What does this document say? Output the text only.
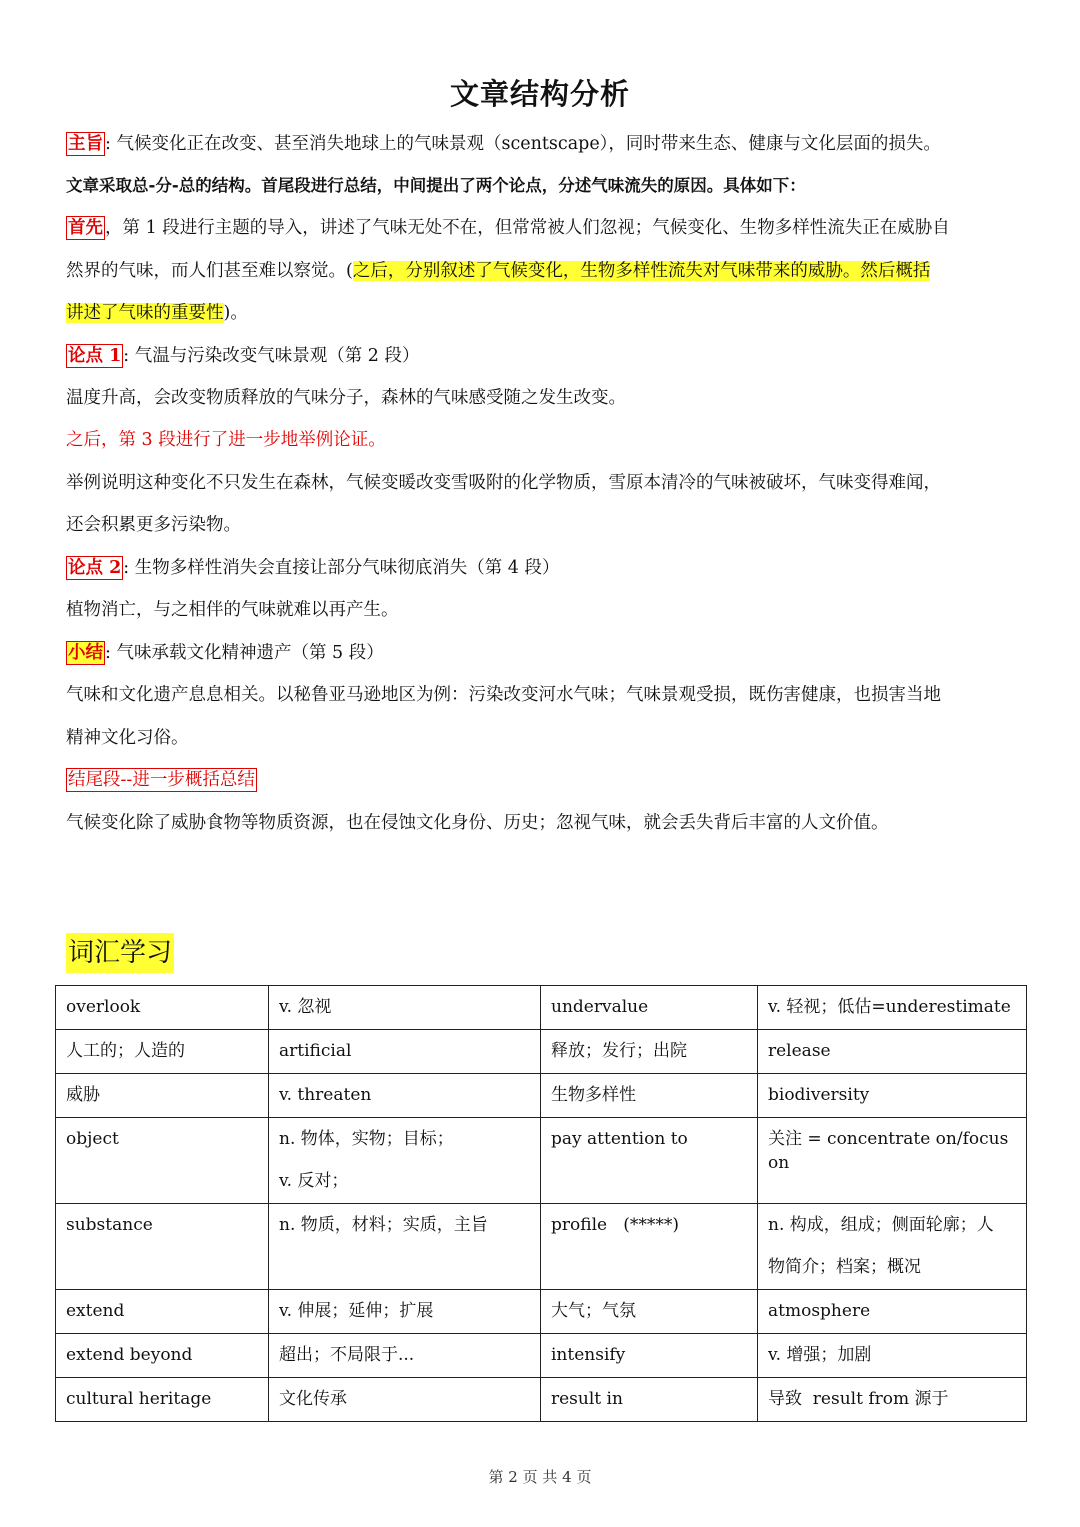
文章结构分析
主旨 : 气候变化正在改变、甚至消失地球上的气味景观（scentscape），同时带来生态、健康与文化层面的损失。
文章采取总-分-总的结构。首尾段进行总结，中间提出了两个论点，分述气味流失的原因。具体如下：
首先 ，第 1 段进行主题的导入，讲述了气味无处不在，但常常被人们忽视；气候变化、生物多样性流失正在威胁自
然界的气味，而人们甚至难以察觉。(之后，分别叙述了气候变化，生物多样性流失对气味带来的威胁。然后概括
讲述了气味的重要性)。
论点 1 : 气温与污染改变气味景观（第 2 段）
温度升高，会改变物质释放的气味分子，森林的气味感受随之发生改变。
之后，第 3 段进行了进一步地举例论证。
举例说明这种变化不只发生在森林，气候变暖改变雪吸附的化学物质，雪原本清冷的气味被破坏，气味变得难闻，
还会积累更多污染物。
论点 2 : 生物多样性消失会直接让部分气味彻底消失（第 4 段）
植物消亡，与之相伴的气味就难以再产生。
小结 : 气味承载文化精神遗产（第 5 段）
气味和文化遗产息息相关。以秘鲁亚马逊地区为例：污染改变河水气味；气味景观受损，既伤害健康，也损害当地
精神文化习俗。
结尾段--进一步概括总结
气候变化除了威胁食物等物质资源，也在侵蚀文化身份、历史；忽视气味，就会丢失背后丰富的人文价值。
词汇学习
overlook	v. 忽视	undervalue	v. 轻视；低估=underestimate
人工的；人造的	artificial	释放；发行；出院	release
威胁	v. threaten	生物多样性	biodiversity
object	n. 物体，实物；目标；
v. 反对；	pay attention to	关注 = concentrate on/focus on
substance	n. 物质，材料；实质，主旨	profile   (*****)	n. 构成，组成；侧面轮廓；人
物简介；档案；概况

extend	v. 伸展；延伸；扩展	大气；气氛	atmosphere
extend beyond	超出；不局限于...	intensify	v. 增强；加剧
cultural heritage	文化传承	result in	导致  result from 源于
第 2 页 共 4 页
